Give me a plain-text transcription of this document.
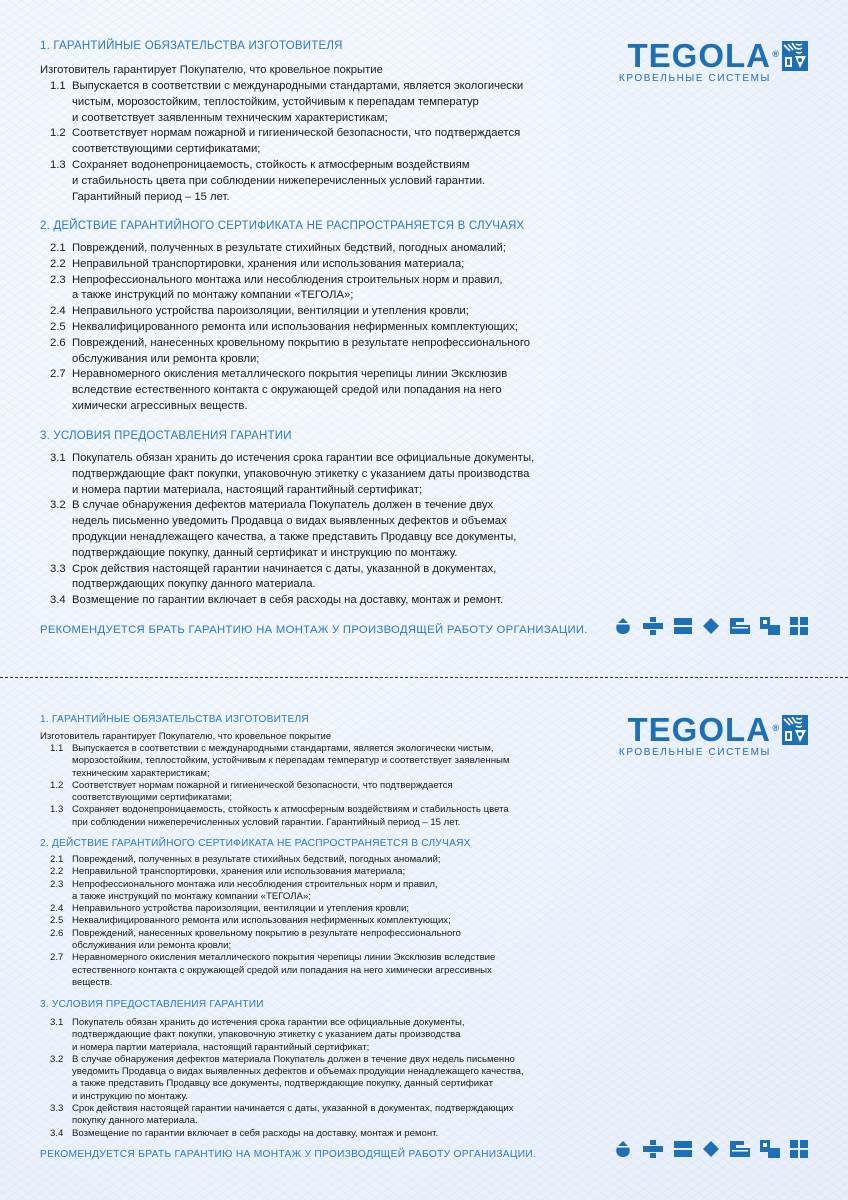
TEGOLA ®
КРОВЕЛЬНЫЕ СИСТЕМЫ
1. ГАРАНТИЙНЫЕ ОБЯЗАТЕЛЬСТВА ИЗГОТОВИТЕЛЯ
Изготовитель гарантирует Покупателю, что кровельное покрытие
1.1 Выпускается в соответствии с международными стандартами, является экологически
чистым, морозостойким, теплостойким, устойчивым к перепадам температур
и соответствует заявленным техническим характеристикам;
1.2 Соответствует нормам пожарной и гигиенической безопасности, что подтверждается
соответствующими сертификатами;
1.3 Сохраняет водонепроницаемость, стойкость к атмосферным воздействиям
и стабильность цвета при соблюдении нижеперечисленных условий гарантии.
Гарантийный период – 15 лет.
2. ДЕЙСТВИЕ ГАРАНТИЙНОГО СЕРТИФИКАТА НЕ РАСПРОСТРАНЯЕТСЯ В СЛУЧАЯХ
2.1 Повреждений, полученных в результате стихийных бедствий, погодных аномалий;
2.2 Неправильной транспортировки, хранения или использования материала;
2.3 Непрофессионального монтажа или несоблюдения строительных норм и правил,
а также инструкций по монтажу компании «ТЕГОЛА»;
2.4 Неправильного устройства пароизоляции, вентиляции и утепления кровли;
2.5 Неквалифицированного ремонта или использования нефирменных комплектующих;
2.6 Повреждений, нанесенных кровельному покрытию в результате непрофессионального
обслуживания или ремонта кровли;
2.7 Неравномерного окисления металлического покрытия черепицы линии Эксклюзив
вследствие естественного контакта с окружающей средой или попадания на него
химически агрессивных веществ.
3. УСЛОВИЯ ПРЕДОСТАВЛЕНИЯ ГАРАНТИИ
3.1 Покупатель обязан хранить до истечения срока гарантии все официальные документы,
подтверждающие факт покупки, упаковочную этикетку с указанием даты производства
и номера партии материала, настоящий гарантийный сертификат;
3.2 В случае обнаружения дефектов материала Покупатель должен в течение двух
недель письменно уведомить Продавца о видах выявленных дефектов и объемах
продукции ненадлежащего качества, а также представить Продавцу все документы,
подтверждающие покупку, данный сертификат и инструкцию по монтажу.
3.3 Срок действия настоящей гарантии начинается с даты, указанной в документах,
подтверждающих покупку данного материала.
3.4 Возмещение по гарантии включает в себя расходы на доставку, монтаж и ремонт.
РЕКОМЕНДУЕТСЯ БРАТЬ ГАРАНТИЮ НА МОНТАЖ У ПРОИЗВОДЯЩЕЙ РАБОТУ ОРГАНИЗАЦИИ.
TEGOLA ®
КРОВЕЛЬНЫЕ СИСТЕМЫ
1. ГАРАНТИЙНЫЕ ОБЯЗАТЕЛЬСТВА ИЗГОТОВИТЕЛЯ
Изготовитель гарантирует Покупателю, что кровельное покрытие
1.1 Выпускается в соответствии с международными стандартами, является экологически чистым,
морозостойким, теплостойким, устойчивым к перепадам температур и соответствует заявленным
техническим характеристикам;
1.2 Соответствует нормам пожарной и гигиенической безопасности, что подтверждается
соответствующими сертификатами;
1.3 Сохраняет водонепроницаемость, стойкость к атмосферным воздействиям и стабильность цвета
при соблюдении нижеперечисленных условий гарантии. Гарантийный период – 15 лет.
2. ДЕЙСТВИЕ ГАРАНТИЙНОГО СЕРТИФИКАТА НЕ РАСПРОСТРАНЯЕТСЯ В СЛУЧАЯХ
2.1 Повреждений, полученных в результате стихийных бедствий, погодных аномалий;
2.2 Неправильной транспортировки, хранения или использования материала;
2.3 Непрофессионального монтажа или несоблюдения строительных норм и правил,
а также инструкций по монтажу компании «ТЕГОЛА»;
2.4 Неправильного устройства пароизоляции, вентиляции и утепления кровли;
2.5 Неквалифицированного ремонта или использования нефирменных комплектующих;
2.6 Повреждений, нанесенных кровельному покрытию в результате непрофессионального
обслуживания или ремонта кровли;
2.7 Неравномерного окисления металлического покрытия черепицы линии Эксклюзив вследствие
естественного контакта с окружающей средой или попадания на него химически агрессивных
веществ.
3. УСЛОВИЯ ПРЕДОСТАВЛЕНИЯ ГАРАНТИИ
3.1 Покупатель обязан хранить до истечения срока гарантии все официальные документы,
подтверждающие факт покупки, упаковочную этикетку с указанием даты производства
и номера партии материала, настоящий гарантийный сертификат;
3.2 В случае обнаружения дефектов материала Покупатель должен в течение двух недель письменно
уведомить Продавца о видах выявленных дефектов и объемах продукции ненадлежащего качества,
а также представить Продавцу все документы, подтверждающие покупку, данный сертификат
и инструкцию по монтажу.
3.3 Срок действия настоящей гарантии начинается с даты, указанной в документах, подтверждающих
покупку данного материала.
3.4 Возмещение по гарантии включает в себя расходы на доставку, монтаж и ремонт.
РЕКОМЕНДУЕТСЯ БРАТЬ ГАРАНТИЮ НА МОНТАЖ У ПРОИЗВОДЯЩЕЙ РАБОТУ ОРГАНИЗАЦИИ.
